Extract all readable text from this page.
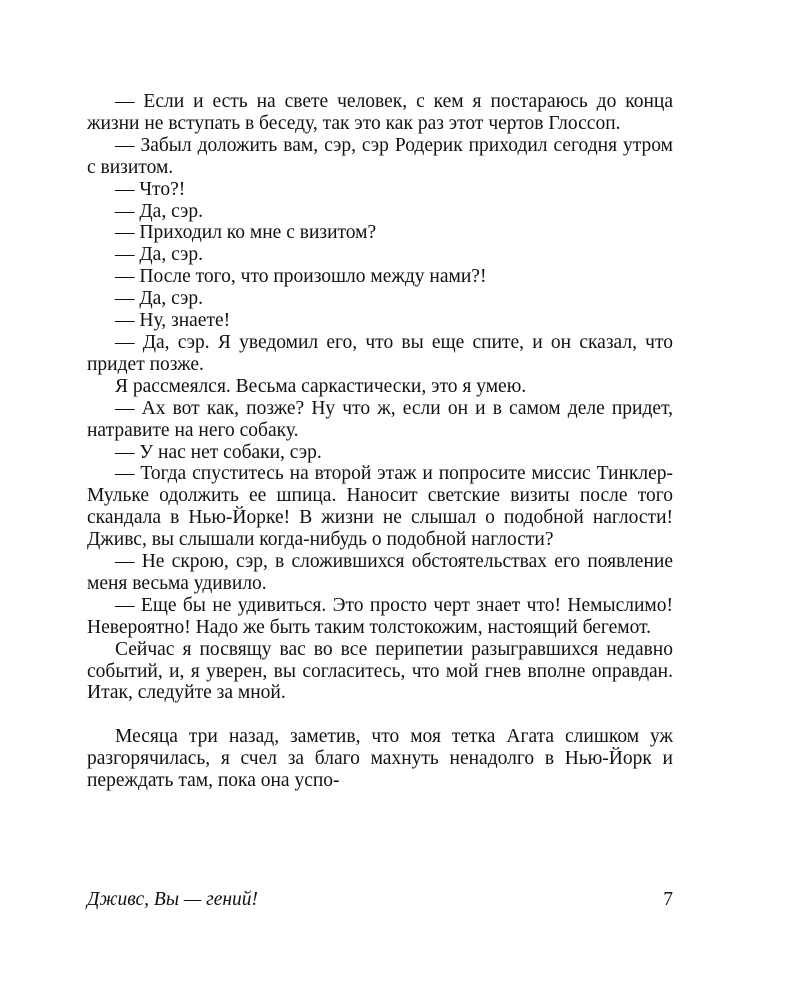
— Если и есть на свете человек, с кем я постараюсь до конца жизни не вступать в беседу, так это как раз этот чертов Глоссоп.

— Забыл доложить вам, сэр, сэр Родерик приходил сегодня утром с визитом.

— Что?!

— Да, сэр.

— Приходил ко мне с визитом?

— Да, сэр.

— После того, что произошло между нами?!

— Да, сэр.

— Ну, знаете!

— Да, сэр. Я уведомил его, что вы еще спите, и он сказал, что придет позже.

Я рассмеялся. Весьма саркастически, это я умею.

— Ах вот как, позже? Ну что ж, если он и в самом деле придет, натравите на него собаку.

— У нас нет собаки, сэр.

— Тогда спуститесь на второй этаж и попросите миссис Тинклер-Мульке одолжить ее шпица. Наносит светские визиты после того скандала в Нью-Йорке! В жизни не слышал о подобной наглости! Дживс, вы слышали когда-нибудь о подобной наглости?

— Не скрою, сэр, в сложившихся обстоятельствах его появление меня весьма удивило.

— Еще бы не удивиться. Это просто черт знает что! Немыслимо! Невероятно! Надо же быть таким толстокожим, настоящий бегемот.

Сейчас я посвящу вас во все перипетии разыгравшихся недавно событий, и, я уверен, вы согласитесь, что мой гнев вполне оправдан. Итак, следуйте за мной.

Месяца три назад, заметив, что моя тетка Агата слишком уж разгорячилась, я счел за благо махнуть ненадолго в Нью-Йорк и переждать там, пока она успо-

Дживс, Вы — гений!	7
